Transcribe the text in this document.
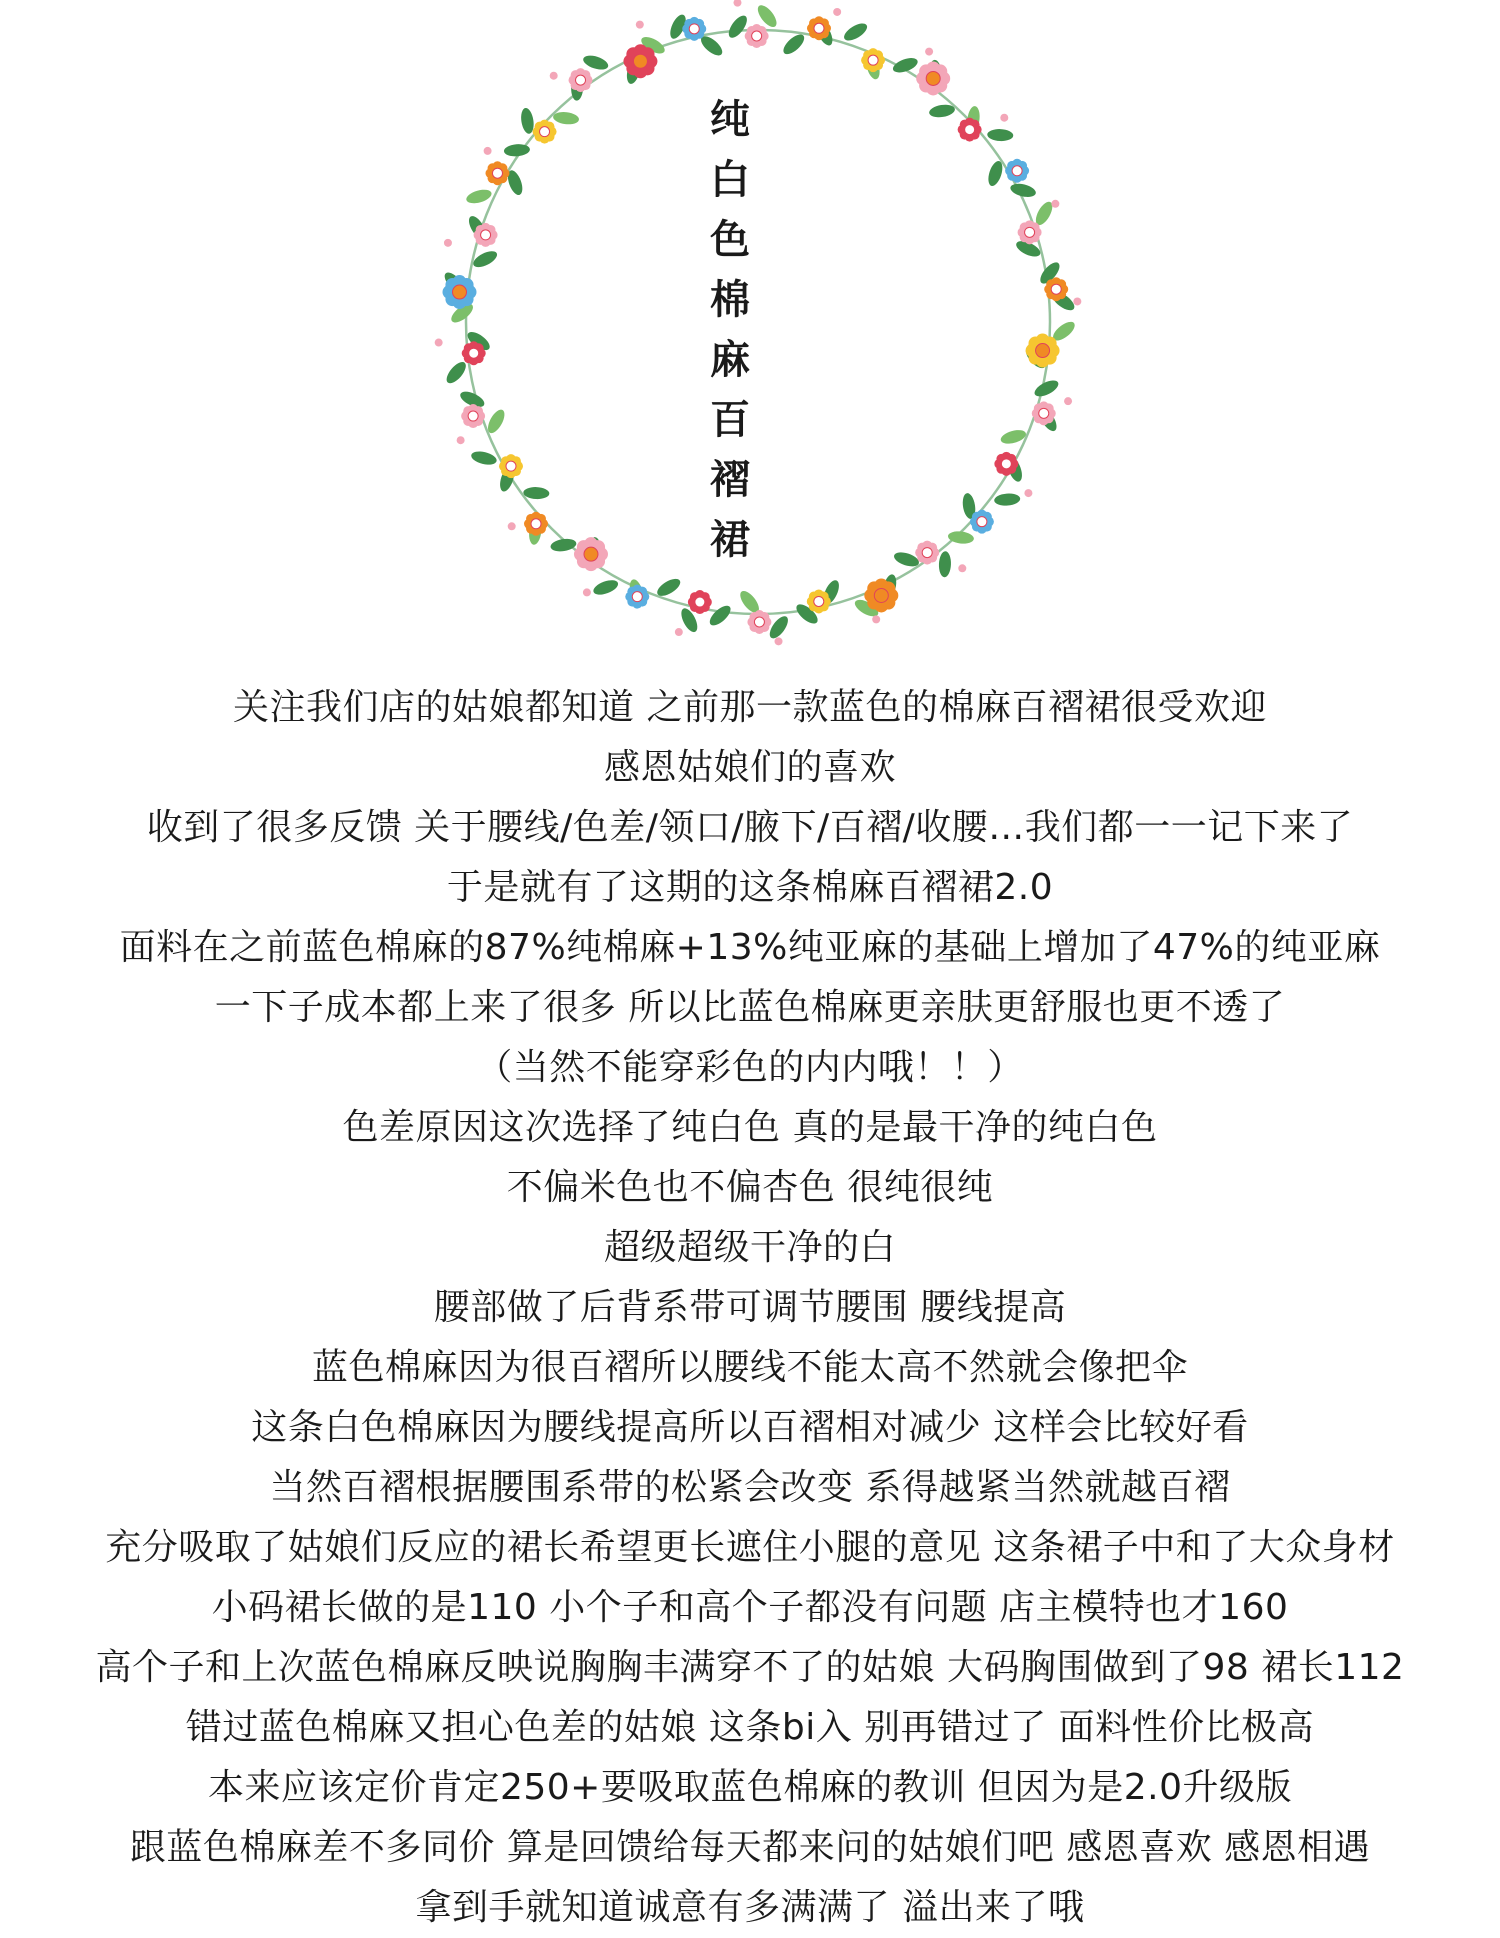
纯
白
色
棉
麻
百
褶
裙
关注我们店的姑娘都知道 之前那一款蓝色的棉麻百褶裙很受欢迎
感恩姑娘们的喜欢
收到了很多反馈 关于腰线/色差/领口/腋下/百褶/收腰…我们都一一记下来了
于是就有了这期的这条棉麻百褶裙2.0
面料在之前蓝色棉麻的87%纯棉麻+13%纯亚麻的基础上增加了47%的纯亚麻
一下子成本都上来了很多 所以比蓝色棉麻更亲肤更舒服也更不透了
（当然不能穿彩色的内内哦！！）
色差原因这次选择了纯白色 真的是最干净的纯白色
不偏米色也不偏杏色 很纯很纯
超级超级干净的白
腰部做了后背系带可调节腰围 腰线提高
蓝色棉麻因为很百褶所以腰线不能太高不然就会像把伞
这条白色棉麻因为腰线提高所以百褶相对减少 这样会比较好看
当然百褶根据腰围系带的松紧会改变 系得越紧当然就越百褶
充分吸取了姑娘们反应的裙长希望更长遮住小腿的意见 这条裙子中和了大众身材
小码裙长做的是110 小个子和高个子都没有问题 店主模特也才160
高个子和上次蓝色棉麻反映说胸胸丰满穿不了的姑娘 大码胸围做到了98 裙长112
错过蓝色棉麻又担心色差的姑娘 这条bi入 别再错过了 面料性价比极高
本来应该定价肯定250+要吸取蓝色棉麻的教训 但因为是2.0升级版
跟蓝色棉麻差不多同价 算是回馈给每天都来问的姑娘们吧 感恩喜欢 感恩相遇
拿到手就知道诚意有多满满了 溢出来了哦
